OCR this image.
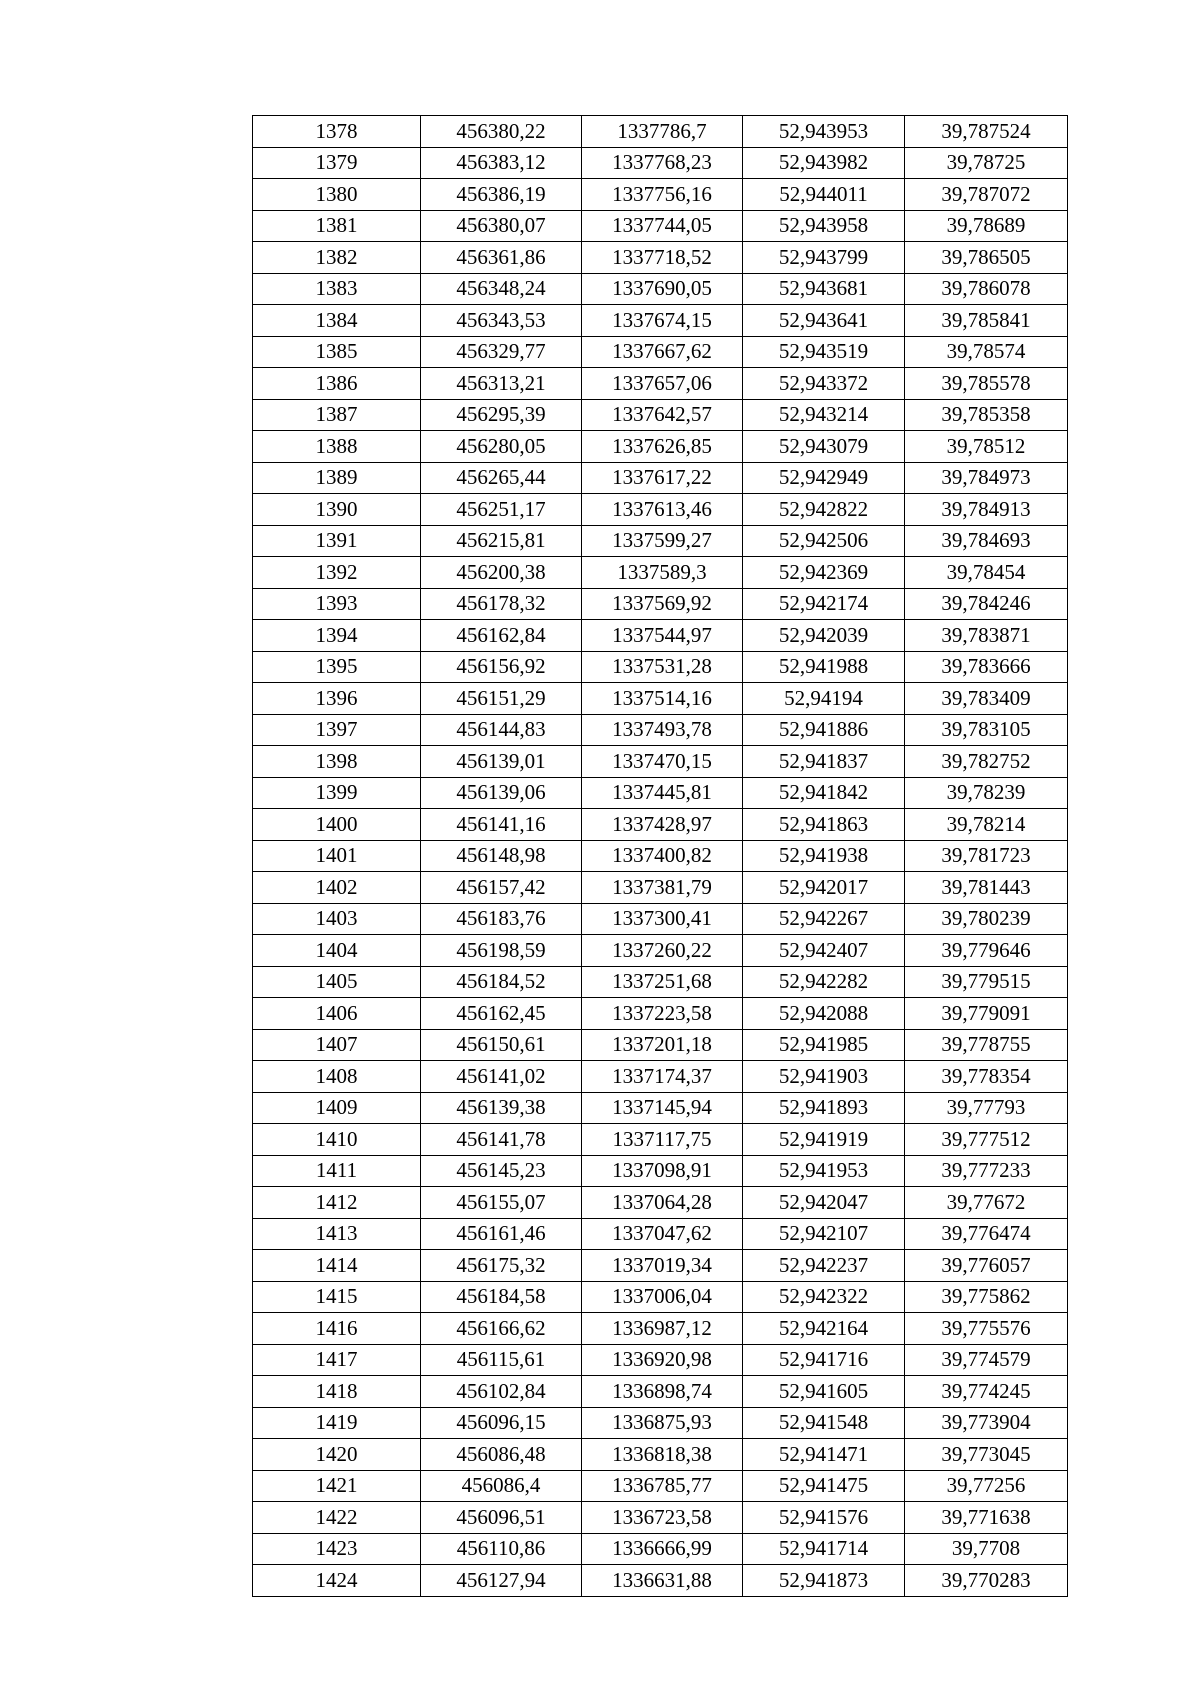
1378	456380,22	1337786,7	52,943953	39,787524
1379	456383,12	1337768,23	52,943982	39,78725
1380	456386,19	1337756,16	52,944011	39,787072
1381	456380,07	1337744,05	52,943958	39,78689
1382	456361,86	1337718,52	52,943799	39,786505
1383	456348,24	1337690,05	52,943681	39,786078
1384	456343,53	1337674,15	52,943641	39,785841
1385	456329,77	1337667,62	52,943519	39,78574
1386	456313,21	1337657,06	52,943372	39,785578
1387	456295,39	1337642,57	52,943214	39,785358
1388	456280,05	1337626,85	52,943079	39,78512
1389	456265,44	1337617,22	52,942949	39,784973
1390	456251,17	1337613,46	52,942822	39,784913
1391	456215,81	1337599,27	52,942506	39,784693
1392	456200,38	1337589,3	52,942369	39,78454
1393	456178,32	1337569,92	52,942174	39,784246
1394	456162,84	1337544,97	52,942039	39,783871
1395	456156,92	1337531,28	52,941988	39,783666
1396	456151,29	1337514,16	52,94194	39,783409
1397	456144,83	1337493,78	52,941886	39,783105
1398	456139,01	1337470,15	52,941837	39,782752
1399	456139,06	1337445,81	52,941842	39,78239
1400	456141,16	1337428,97	52,941863	39,78214
1401	456148,98	1337400,82	52,941938	39,781723
1402	456157,42	1337381,79	52,942017	39,781443
1403	456183,76	1337300,41	52,942267	39,780239
1404	456198,59	1337260,22	52,942407	39,779646
1405	456184,52	1337251,68	52,942282	39,779515
1406	456162,45	1337223,58	52,942088	39,779091
1407	456150,61	1337201,18	52,941985	39,778755
1408	456141,02	1337174,37	52,941903	39,778354
1409	456139,38	1337145,94	52,941893	39,77793
1410	456141,78	1337117,75	52,941919	39,777512
1411	456145,23	1337098,91	52,941953	39,777233
1412	456155,07	1337064,28	52,942047	39,77672
1413	456161,46	1337047,62	52,942107	39,776474
1414	456175,32	1337019,34	52,942237	39,776057
1415	456184,58	1337006,04	52,942322	39,775862
1416	456166,62	1336987,12	52,942164	39,775576
1417	456115,61	1336920,98	52,941716	39,774579
1418	456102,84	1336898,74	52,941605	39,774245
1419	456096,15	1336875,93	52,941548	39,773904
1420	456086,48	1336818,38	52,941471	39,773045
1421	456086,4	1336785,77	52,941475	39,77256
1422	456096,51	1336723,58	52,941576	39,771638
1423	456110,86	1336666,99	52,941714	39,7708
1424	456127,94	1336631,88	52,941873	39,770283
